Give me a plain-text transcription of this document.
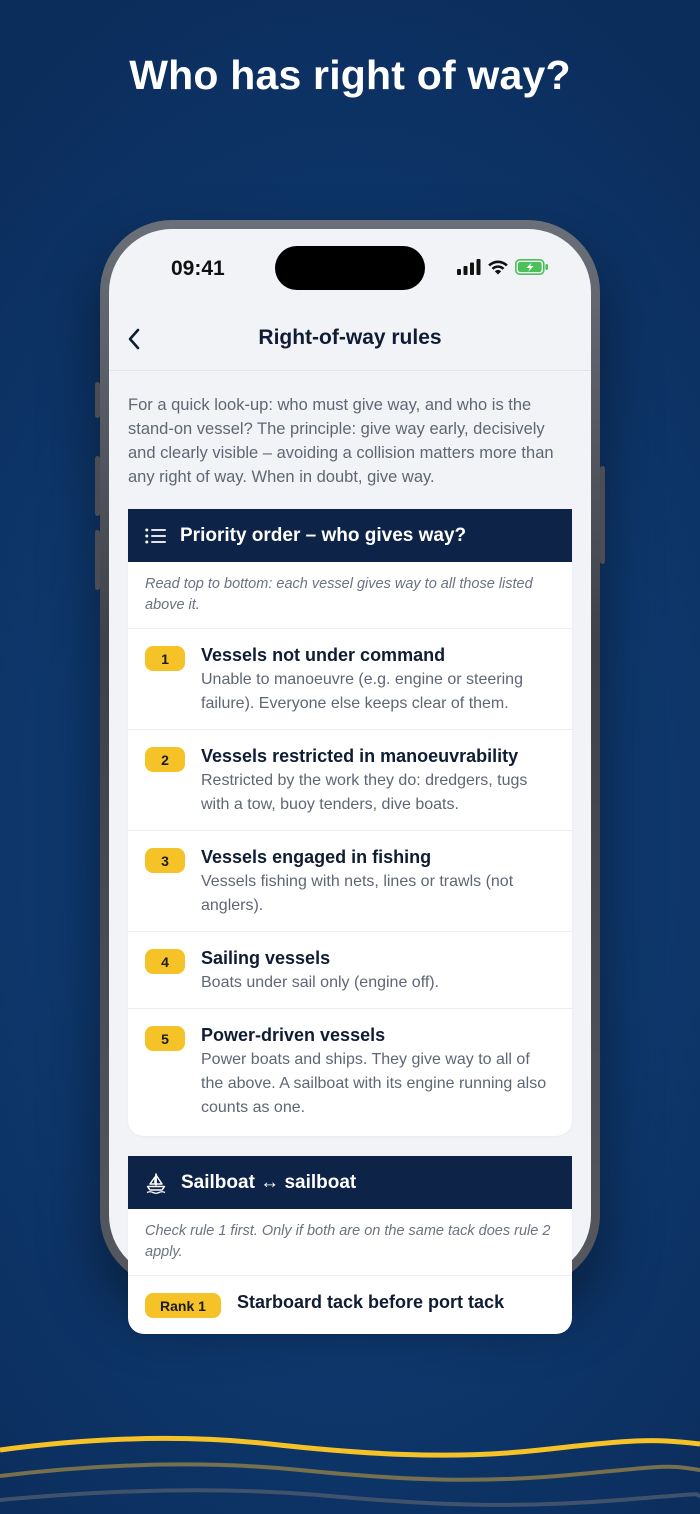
Who has right of way?
09:41
Right-of-way rules

For a quick look-up: who must give way, and who is the stand-on vessel? The principle: give way early, decisively and clearly visible – avoiding a collision matters more than any right of way. When in doubt, give way.

Priority order – who gives way?
Read top to bottom: each vessel gives way to all those listed above it.
1	Vessels not under command
Unable to manoeuvre (e.g. engine or steering failure). Everyone else keeps clear of them.
2	Vessels restricted in manoeuvrability
Restricted by the work they do: dredgers, tugs with a tow, buoy tenders, dive boats.
3	Vessels engaged in fishing
Vessels fishing with nets, lines or trawls (not anglers).
4	Sailing vessels
Boats under sail only (engine off).
5	Power-driven vessels
Power boats and ships. They give way to all of the above. A sailboat with its engine running also counts as one.
Sailboat ↔ sailboat
Check rule 1 first. Only if both are on the same tack does rule 2 apply.
Rank 1	Starboard tack before port tack
